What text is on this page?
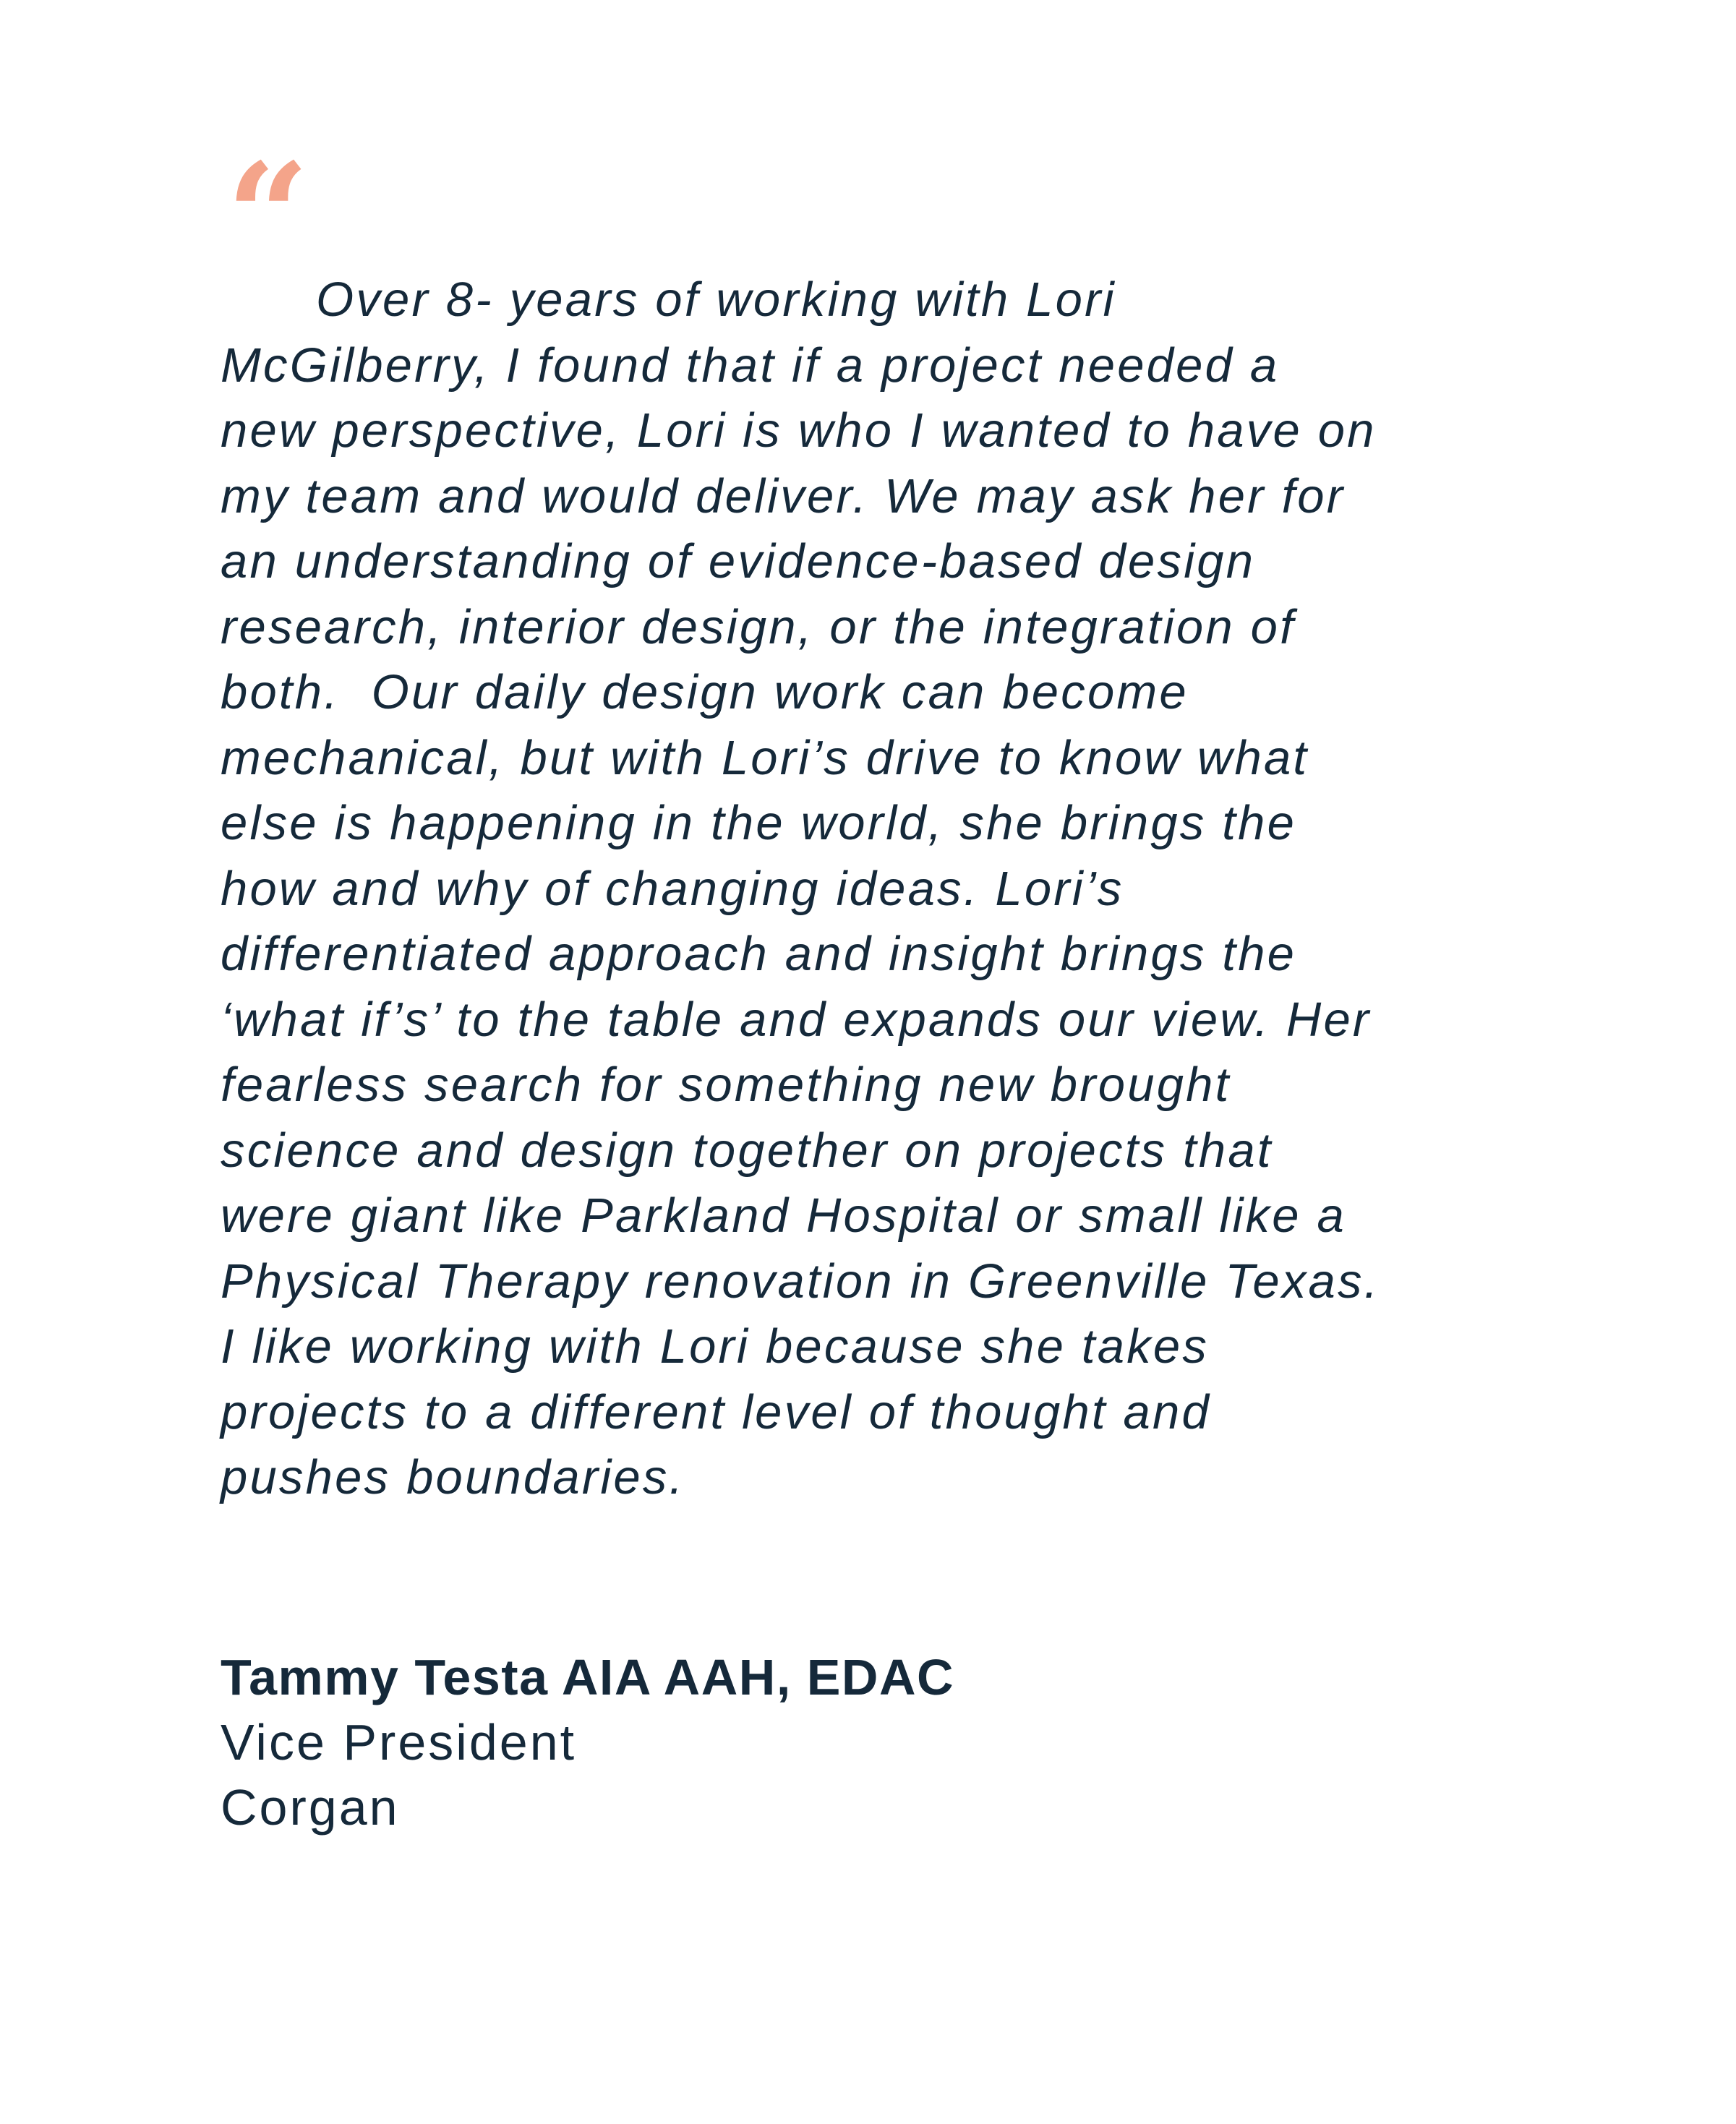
“ Over 8- years of working with Lori
McGilberry, I found that if a project needed a
new perspective, Lori is who I wanted to have on
my team and would deliver. We may ask her for
an understanding of evidence-based design
research, interior design, or the integration of
both.  Our daily design work can become
mechanical, but with Lori’s drive to know what
else is happening in the world, she brings the
how and why of changing ideas. Lori’s
differentiated approach and insight brings the
‘what if’s’ to the table and expands our view. Her
fearless search for something new brought
science and design together on projects that
were giant like Parkland Hospital or small like a
Physical Therapy renovation in Greenville Texas.
I like working with Lori because she takes
projects to a different level of thought and
pushes boundaries.

Tammy Testa AIA AAH, EDAC
Vice President
Corgan
